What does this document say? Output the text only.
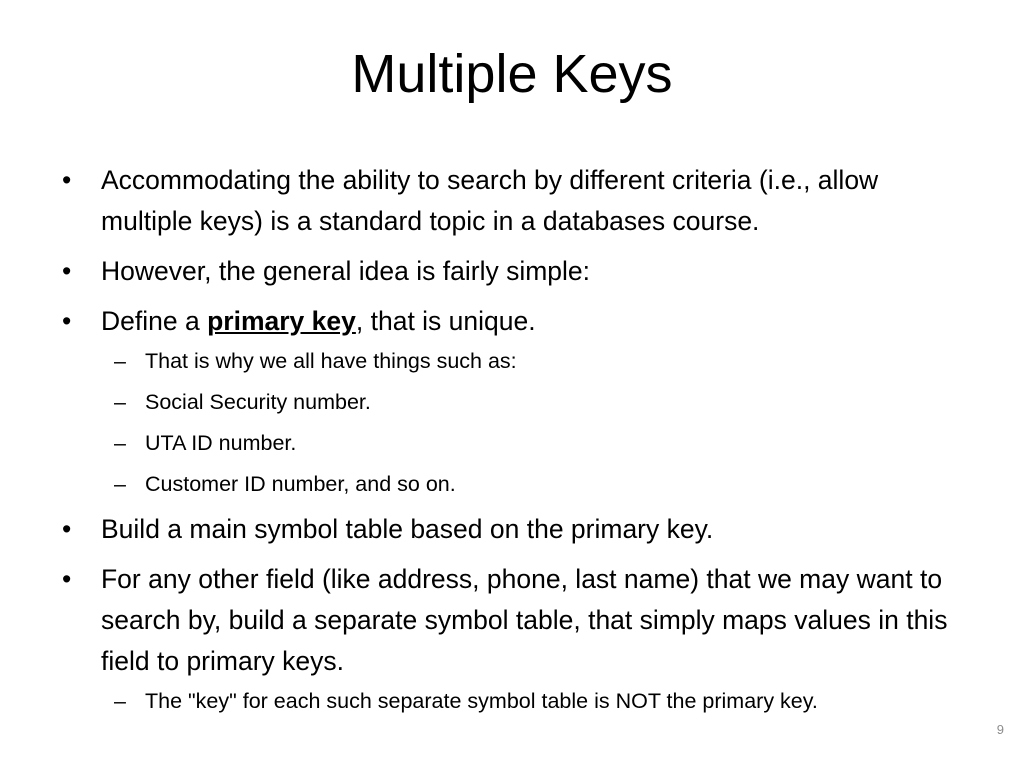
Multiple Keys
• Accommodating the ability to search by different criteria (i.e., allow multiple keys) is a standard topic in a databases course.
• However, the general idea is fairly simple:
• Define a primary key, that is unique.
– That is why we all have things such as:
– Social Security number.
– UTA ID number.
– Customer ID number, and so on.
• Build a main symbol table based on the primary key.
• For any other field (like address, phone, last name) that we may want to search by, build a separate symbol table, that simply maps values in this field to primary keys.
– The "key" for each such separate symbol table is NOT the primary key.
9
